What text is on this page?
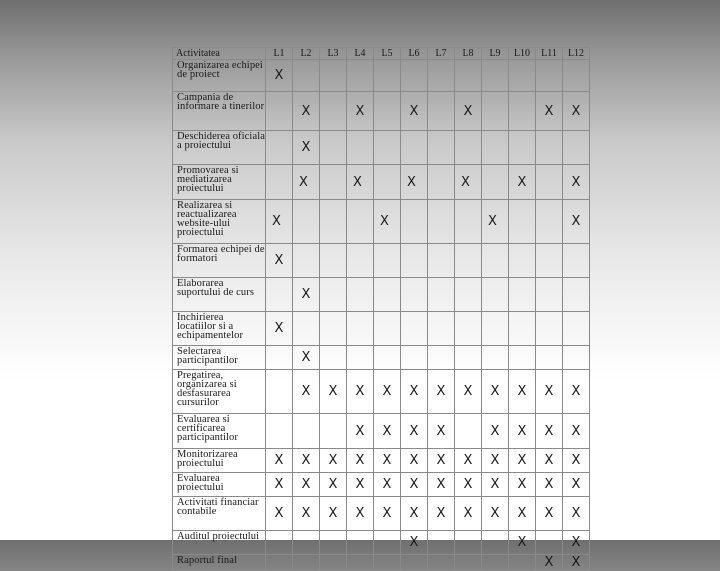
Activitatea	L1	L2	L3	L4	L5	L6	L7	L8	L9	L10	L11	L12
Organizarea echipei de proiect	X											
Campania de informare a tinerilor		X		X		X		X			X	X
Deschiderea oficiala a proiectului		X										
Promovarea si mediatizarea proiectului		X		X		X		X		X		X
Realizarea si reactualizarea website-ului proiectului	X				X				X			X
Formarea echipei de formatori	X											
Elaborarea suportului de curs		X										
Inchirierea locatiilor si a echipamentelor	X											
Selectarea participantilor		X										
Pregatirea, organizarea si desfasurarea cursurilor		X	X	X	X	X	X	X	X	X	X	X
Evaluarea si certificarea participantilor				X	X	X	X		X	X	X	X
Monitorizarea proiectului	X	X	X	X	X	X	X	X	X	X	X	X
Evaluarea proiectului	X	X	X	X	X	X	X	X	X	X	X	X
Activitati financiar contabile	X	X	X	X	X	X	X	X	X	X	X	X
Auditul proiectului						X				X		X
Raportul final											X	X
